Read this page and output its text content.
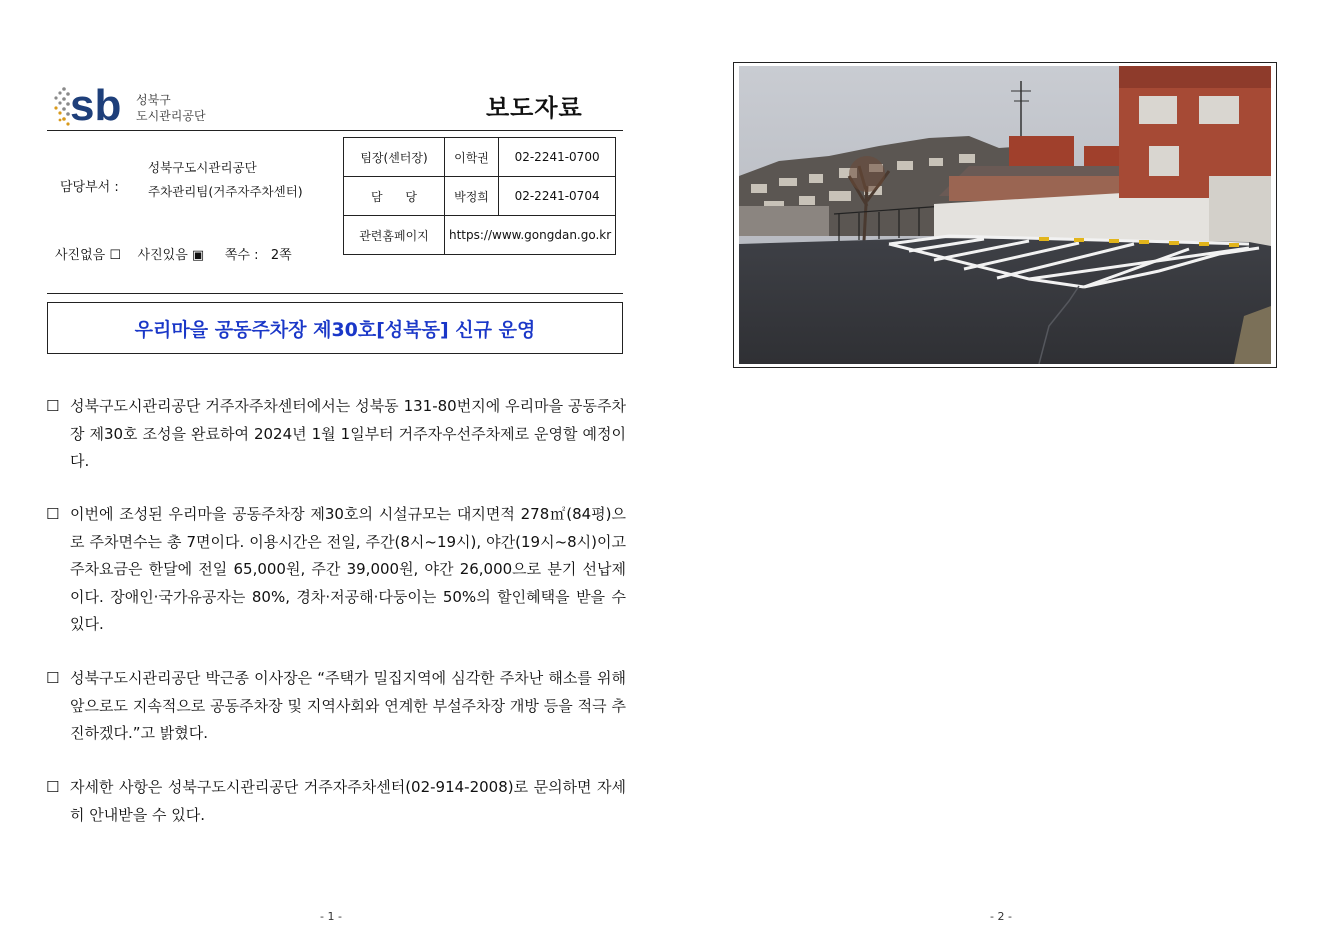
sb 성북구
도시관리공단	보도자료
담당부서 :
성북구도시관리공단
주차관리팀(거주자주차센터)
사진없음 ☐    사진있음 ▣     쪽수 :   2쪽
팀장(센터장)	이학권	02-2241-0700
담      당	박정희	02-2241-0704
관련홈페이지	https://www.gongdan.go.kr	
우리마을 공동주차장 제30호[성북동] 신규 운영
☐ 성북구도시관리공단 거주자주차센터에서는 성북동 131-80번지에 우리마을 공동주차장 제30호 조성을 완료하여 2024년 1월 1일부터 거주자우선주차제로 운영할 예정이다.
☐ 이번에 조성된 우리마을 공동주차장 제30호의 시설규모는 대지면적 278㎡(84평)으로 주차면수는 총 7면이다. 이용시간은 전일, 주간(8시~19시), 야간(19시~8시)이고 주차요금은 한달에 전일 65,000원, 주간 39,000원, 야간 26,000으로 분기 선납제이다. 장애인·국가유공자는 80%, 경차·저공해·다둥이는 50%의 할인혜택을 받을 수 있다.
☐ 성북구도시관리공단 박근종 이사장은 “주택가 밀집지역에 심각한 주차난 해소를 위해 앞으로도 지속적으로 공동주차장 및 지역사회와 연계한 부설주차장 개방 등을 적극 추진하겠다.”고 밝혔다.
☐ 자세한 사항은 성북구도시관리공단 거주자주차센터(02-914-2008)로 문의하면 자세히 안내받을 수 있다.
- 1 -	- 2 -
